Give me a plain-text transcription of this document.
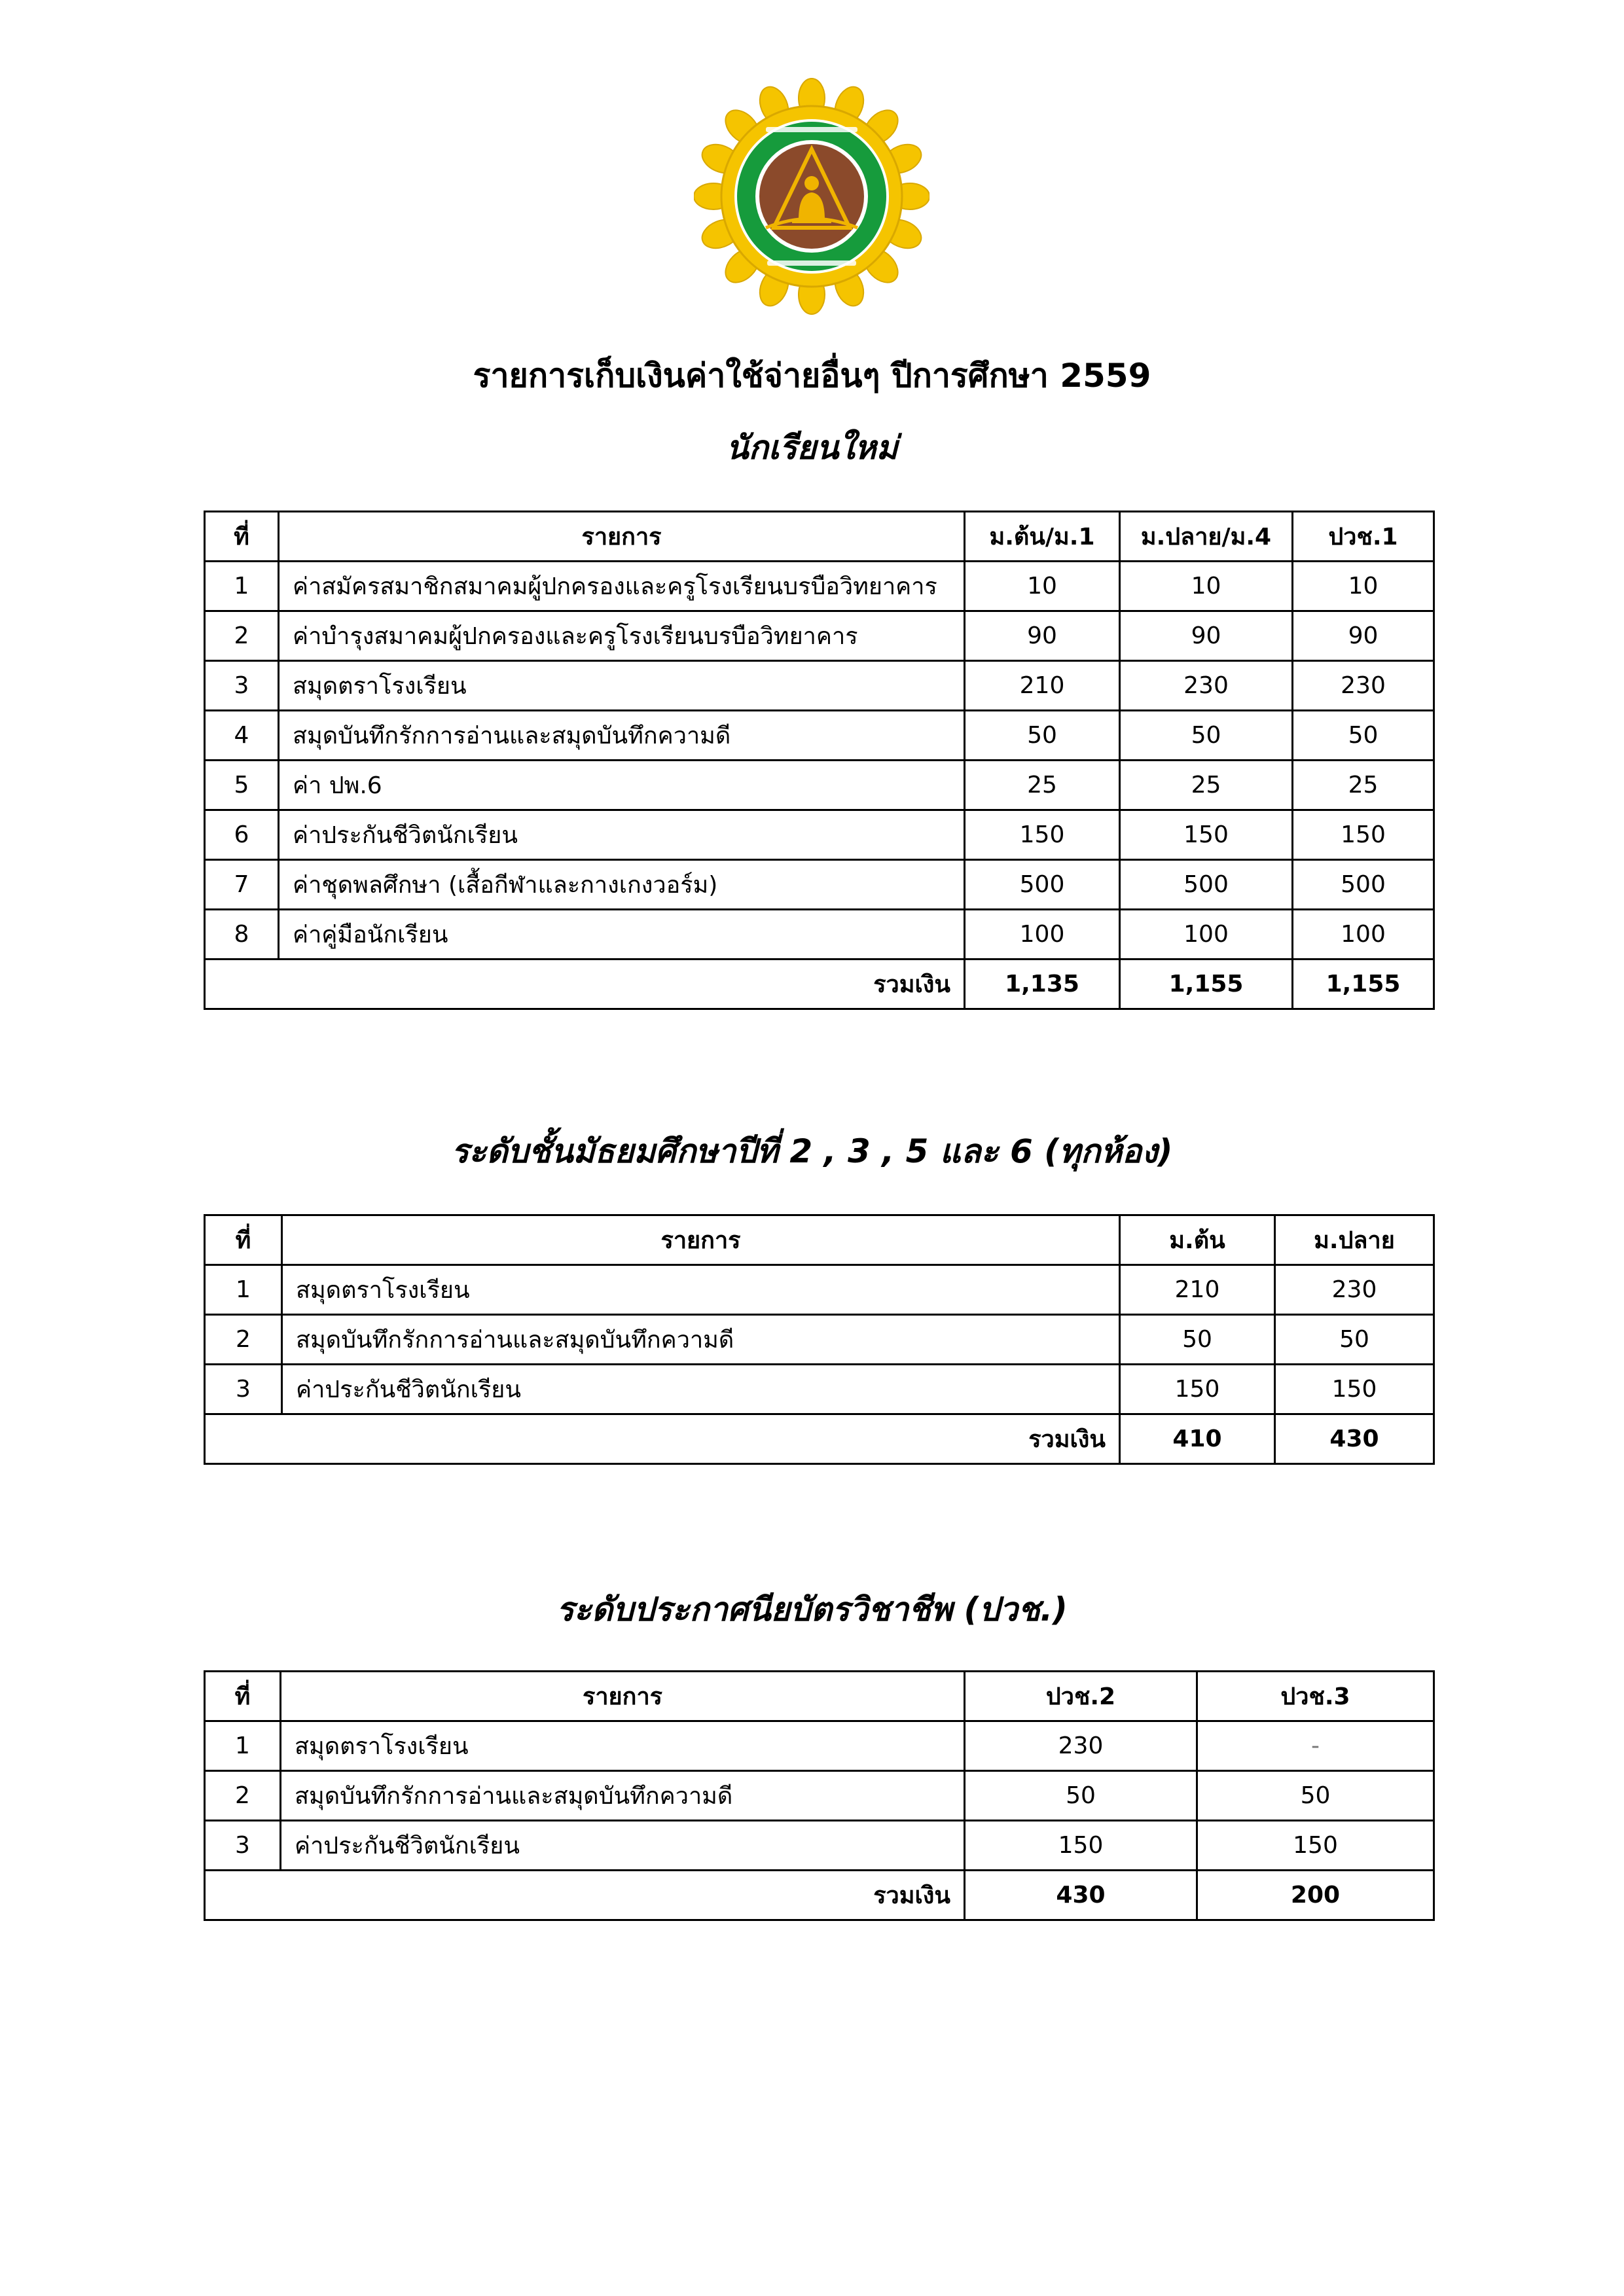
รายการเก็บเงินค่าใช้จ่ายอื่นๆ ปีการศึกษา 2559
นักเรียนใหม่
ที่	รายการ	ม.ต้น/ม.1	ม.ปลาย/ม.4	ปวช.1
1	ค่าสมัครสมาชิกสมาคมผู้ปกครองและครูโรงเรียนบรบือวิทยาคาร	10	10	10
2	ค่าบำรุงสมาคมผู้ปกครองและครูโรงเรียนบรบือวิทยาคาร	90	90	90
3	สมุดตราโรงเรียน	210	230	230
4	สมุดบันทึกรักการอ่านและสมุดบันทึกความดี	50	50	50
5	ค่า ปพ.6	25	25	25
6	ค่าประกันชีวิตนักเรียน	150	150	150
7	ค่าชุดพลศึกษา (เสื้อกีฬาและกางเกงวอร์ม)	500	500	500
8	ค่าคู่มือนักเรียน	100	100	100
รวมเงิน		1,135	1,155	1,155
ระดับชั้นมัธยมศึกษาปีที่ 2 , 3 , 5 และ 6 (ทุกห้อง)
ที่	รายการ	ม.ต้น	ม.ปลาย
1	สมุดตราโรงเรียน	210	230
2	สมุดบันทึกรักการอ่านและสมุดบันทึกความดี	50	50
3	ค่าประกันชีวิตนักเรียน	150	150
รวมเงิน		410	430
ระดับประกาศนียบัตรวิชาชีพ (ปวช.)
ที่	รายการ	ปวช.2	ปวช.3
1	สมุดตราโรงเรียน	230	-
2	สมุดบันทึกรักการอ่านและสมุดบันทึกความดี	50	50
3	ค่าประกันชีวิตนักเรียน	150	150
รวมเงิน		430	200
